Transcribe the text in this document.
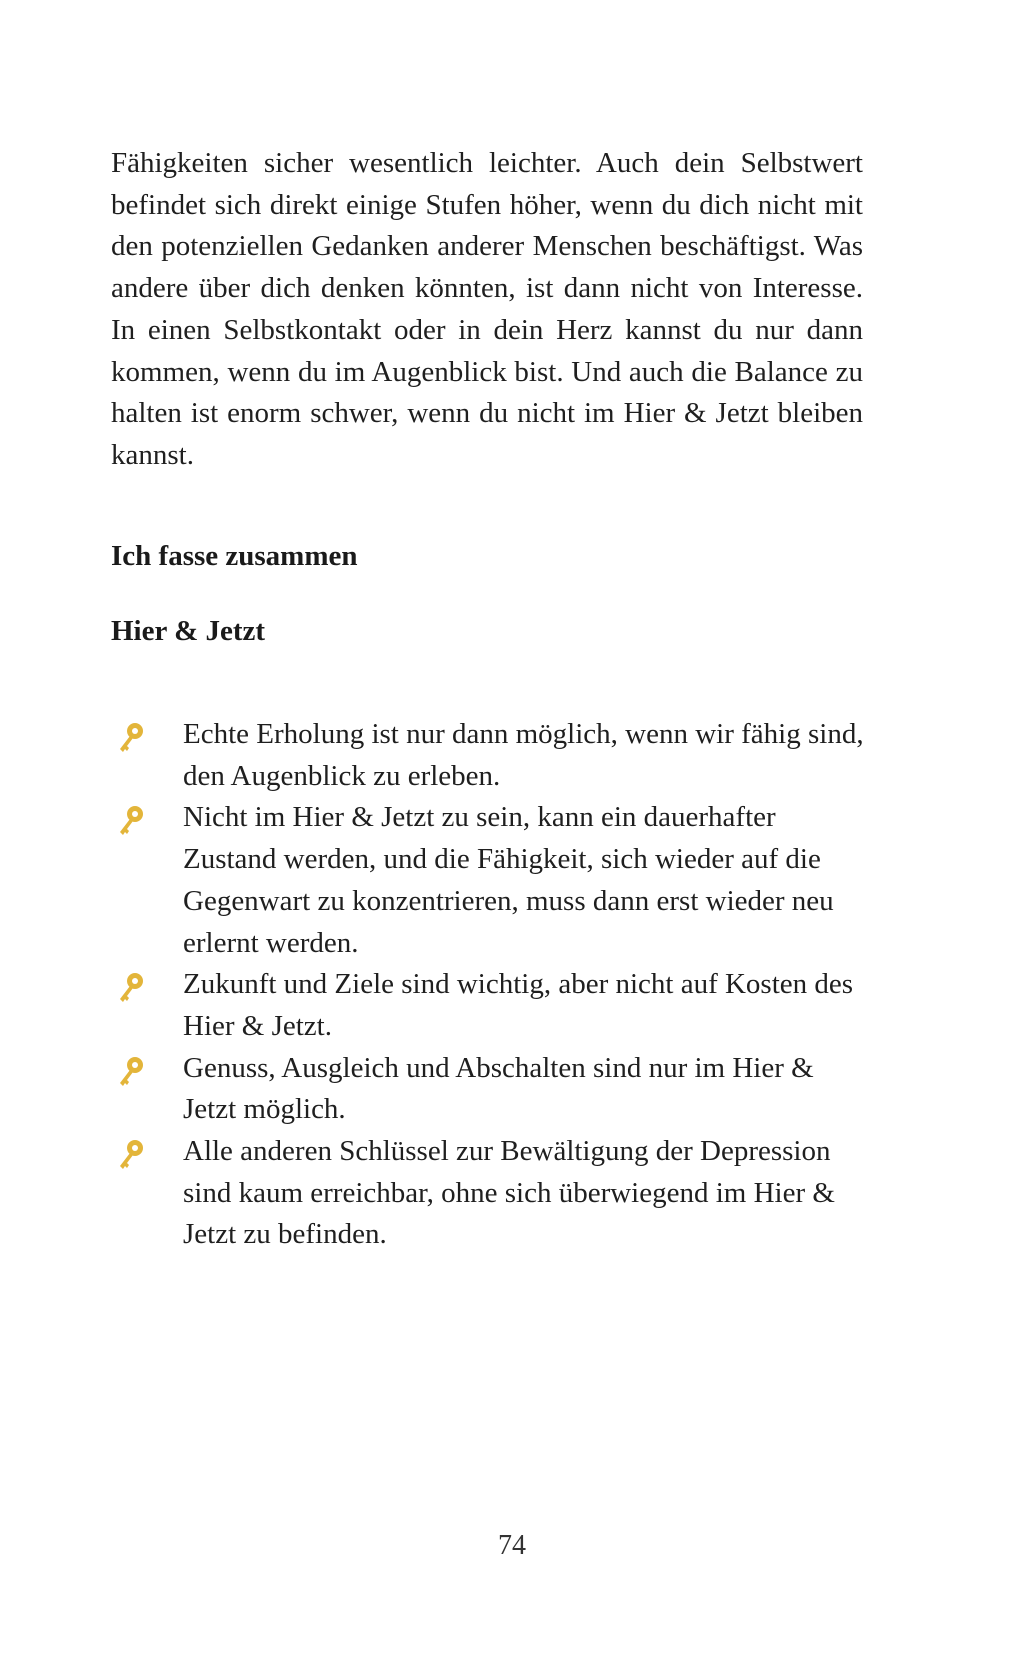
Fähigkeiten sicher wesentlich leichter. Auch dein Selbstwert befindet sich direkt einige Stufen höher, wenn du dich nicht mit den potenziellen Gedanken anderer Menschen beschäftigst. Was andere über dich denken könnten, ist dann nicht von Interesse. In einen Selbstkontakt oder in dein Herz kannst du nur dann kommen, wenn du im Augenblick bist. Und auch die Balance zu halten ist enorm schwer, wenn du nicht im Hier & Jetzt bleiben kannst.

Ich fasse zusammen
Hier & Jetzt
Echte Erholung ist nur dann möglich, wenn wir fähig sind, den Augenblick zu erleben.
Nicht im Hier & Jetzt zu sein, kann ein dauerhafter Zustand werden, und die Fähigkeit, sich wieder auf die Gegenwart zu konzentrieren, muss dann erst wieder neu erlernt werden.
Zukunft und Ziele sind wichtig, aber nicht auf Kosten des Hier & Jetzt.
Genuss, Ausgleich und Abschalten sind nur im Hier & Jetzt möglich.
Alle anderen Schlüssel zur Bewältigung der Depression sind kaum erreichbar, ohne sich überwiegend im Hier & Jetzt zu befinden.

74
